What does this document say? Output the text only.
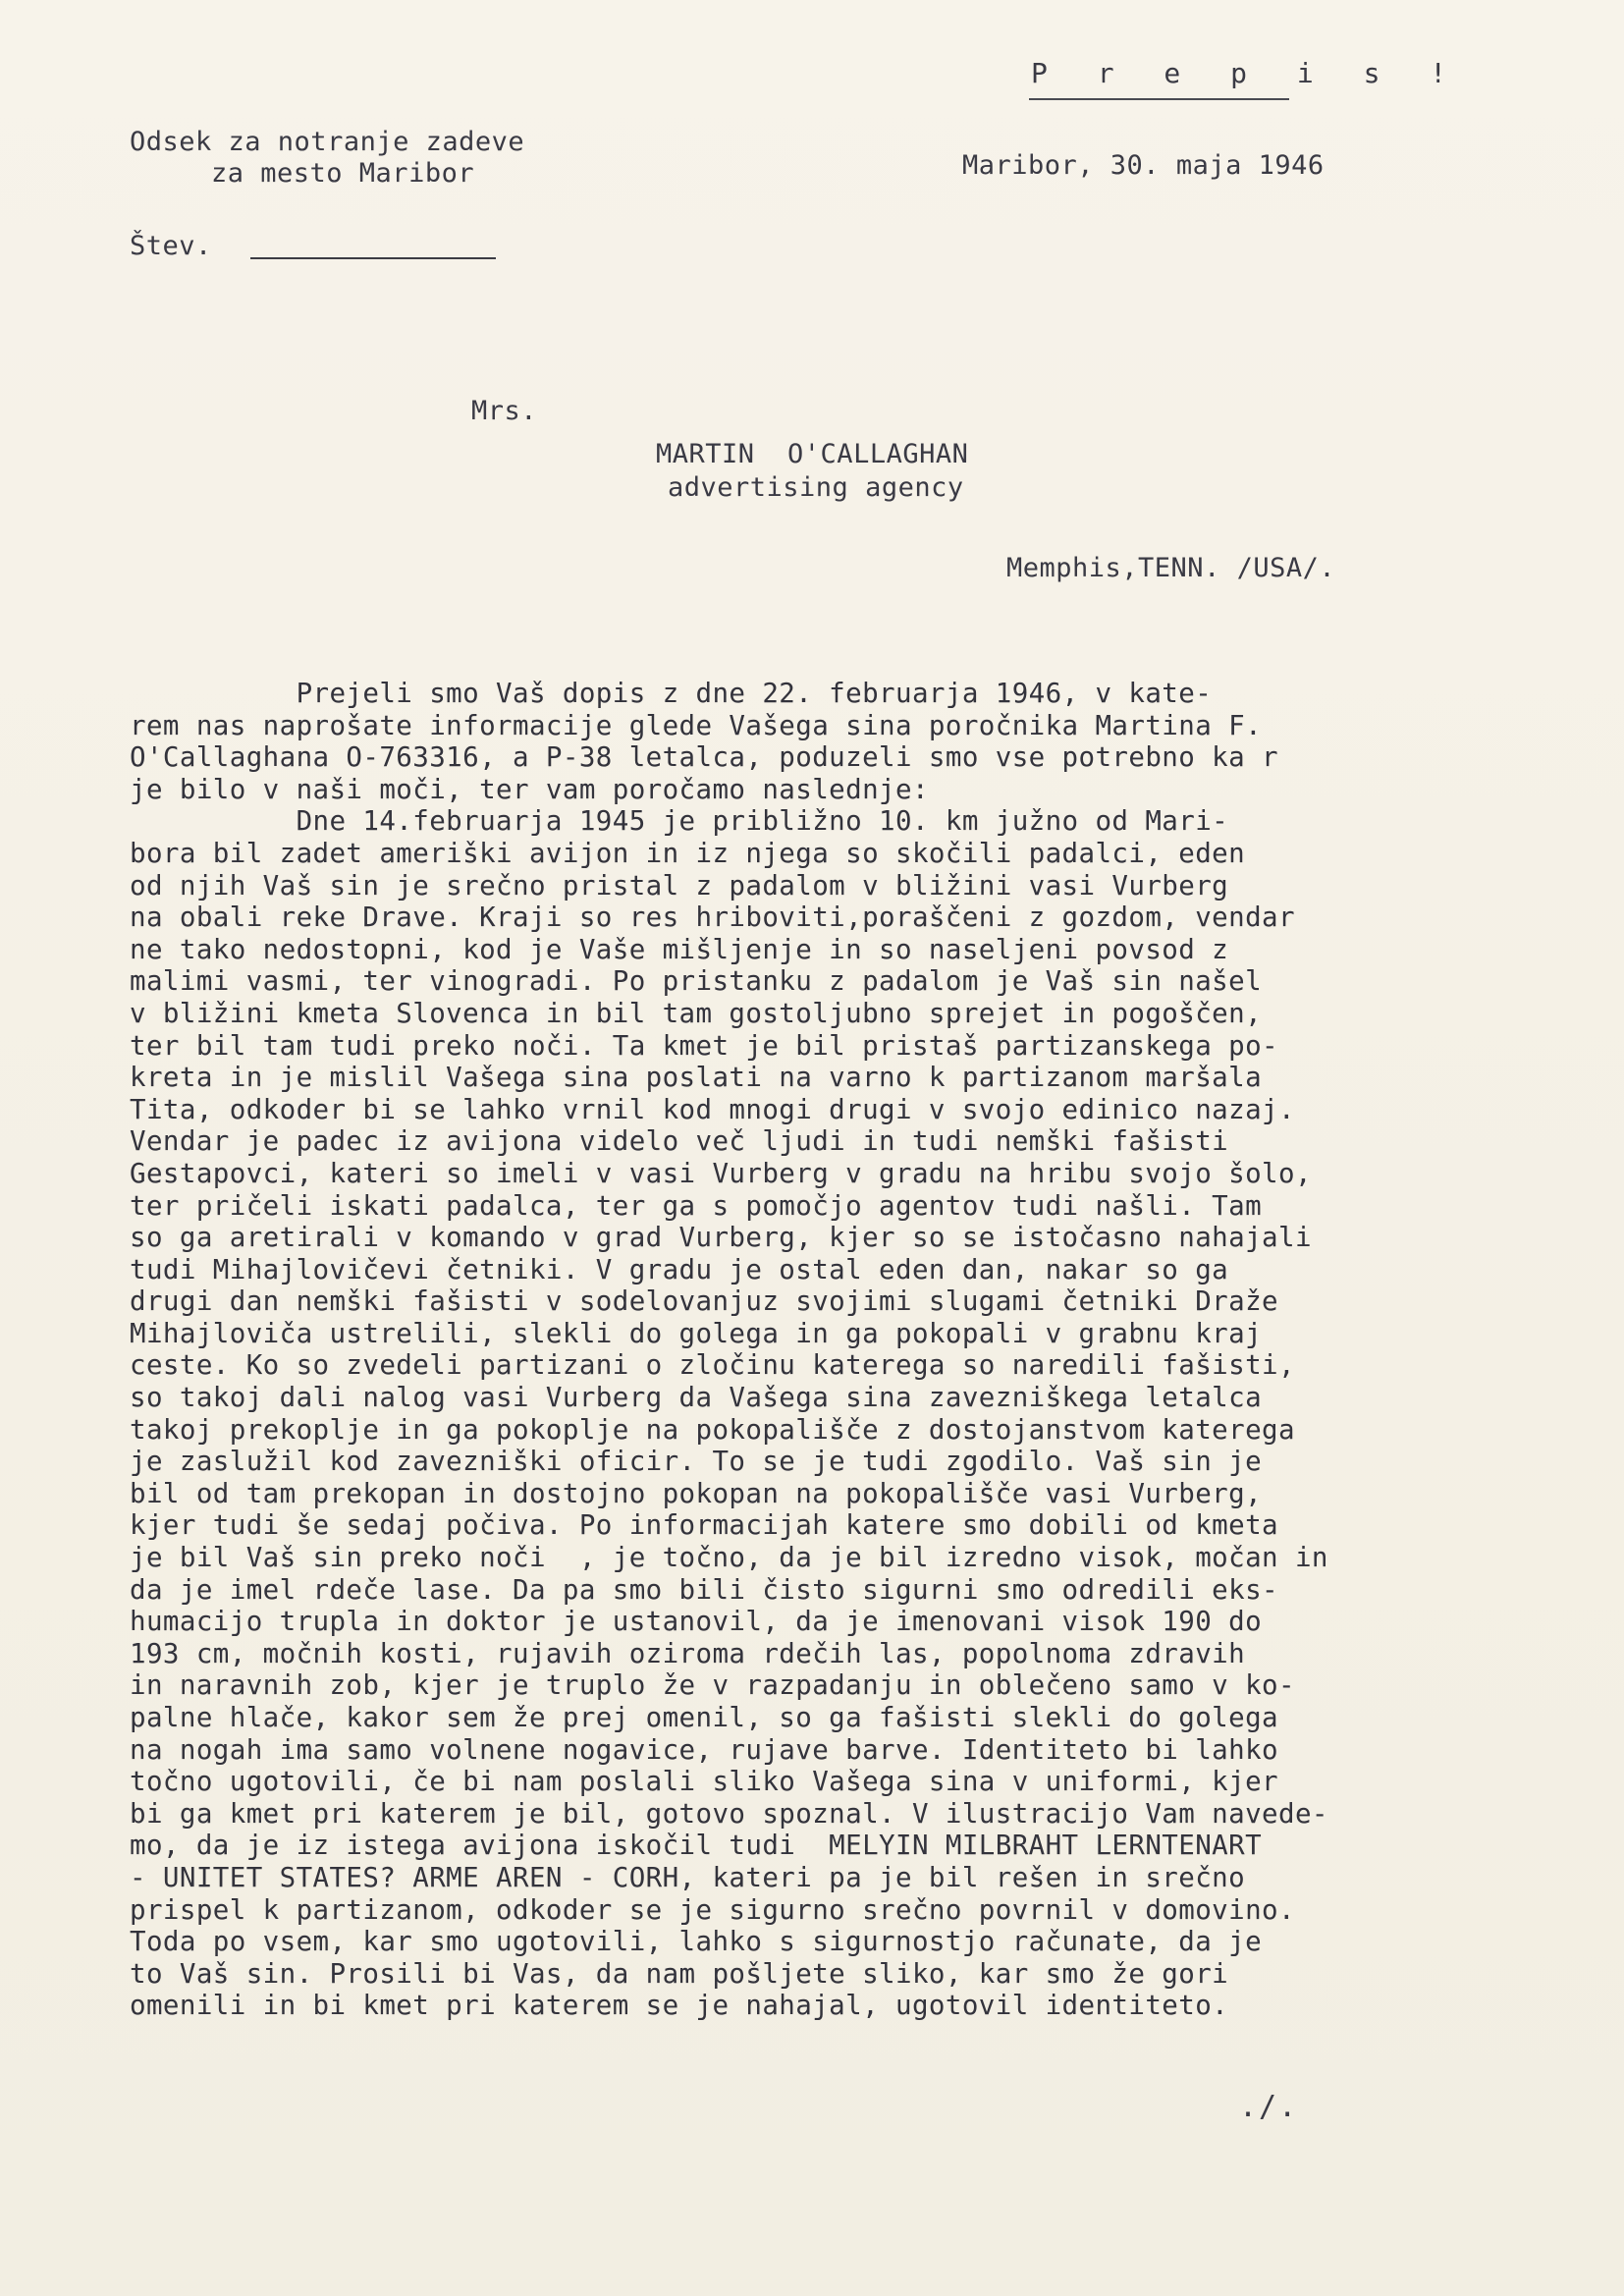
P r e p i s !
Odsek za notranje zadeve
za mesto Maribor	Maribor, 30. maja 1946
Štev.
Mrs.
MARTIN  O'CALLAGHAN
advertising agency
Memphis,TENN. /USA/.
Prejeli smo Vaš dopis z dne 22. februarja 1946, v kate-
rem nas naprošate informacije glede Vašega sina poročnika Martina F.
O'Callaghana O-763316, a P-38 letalca, poduzeli smo vse potrebno ka r
je bilo v naši moči, ter vam poročamo naslednje:
Dne 14.februarja 1945 je približno 10. km južno od Mari-
bora bil zadet ameriški avijon in iz njega so skočili padalci, eden
od njih Vaš sin je srečno pristal z padalom v bližini vasi Vurberg
na obali reke Drave. Kraji so res hriboviti,poraščeni z gozdom, vendar
ne tako nedostopni, kod je Vaše mišljenje in so naseljeni povsod z
malimi vasmi, ter vinogradi. Po pristanku z padalom je Vaš sin našel
v bližini kmeta Slovenca in bil tam gostoljubno sprejet in pogoščen,
ter bil tam tudi preko noči. Ta kmet je bil pristaš partizanskega po-
kreta in je mislil Vašega sina poslati na varno k partizanom maršala
Tita, odkoder bi se lahko vrnil kod mnogi drugi v svojo edinico nazaj.
Vendar je padec iz avijona videlo več ljudi in tudi nemški fašisti
Gestapovci, kateri so imeli v vasi Vurberg v gradu na hribu svojo šolo,
ter pričeli iskati padalca, ter ga s pomočjo agentov tudi našli. Tam
so ga aretirali v komando v grad Vurberg, kjer so se istočasno nahajali
tudi Mihajlovičevi četniki. V gradu je ostal eden dan, nakar so ga
drugi dan nemški fašisti v sodelovanjuz svojimi slugami četniki Draže
Mihajloviča ustrelili, slekli do golega in ga pokopali v grabnu kraj
ceste. Ko so zvedeli partizani o zločinu katerega so naredili fašisti,
so takoj dali nalog vasi Vurberg da Vašega sina zavezniškega letalca
takoj prekoplje in ga pokoplje na pokopališče z dostojanstvom katerega
je zaslužil kod zavezniški oficir. To se je tudi zgodilo. Vaš sin je
bil od tam prekopan in dostojno pokopan na pokopališče vasi Vurberg,
kjer tudi še sedaj počiva. Po informacijah katere smo dobili od kmeta
je bil Vaš sin preko noči  , je točno, da je bil izredno visok, močan in
da je imel rdeče lase. Da pa smo bili čisto sigurni smo odredili eks-
humacijo trupla in doktor je ustanovil, da je imenovani visok 190 do
193 cm, močnih kosti, rujavih oziroma rdečih las, popolnoma zdravih
in naravnih zob, kjer je truplo že v razpadanju in oblečeno samo v ko-
palne hlače, kakor sem že prej omenil, so ga fašisti slekli do golega
na nogah ima samo volnene nogavice, rujave barve. Identiteto bi lahko
točno ugotovili, če bi nam poslali sliko Vašega sina v uniformi, kjer
bi ga kmet pri katerem je bil, gotovo spoznal. V ilustracijo Vam navede-
mo, da je iz istega avijona iskočil tudi  MELYIN MILBRAHT LERNTENART
- UNITET STATES? ARME AREN - CORH, kateri pa je bil rešen in srečno
prispel k partizanom, odkoder se je sigurno srečno povrnil v domovino.
Toda po vsem, kar smo ugotovili, lahko s sigurnostjo računate, da je
to Vaš sin. Prosili bi Vas, da nam pošljete sliko, kar smo že gori
omenili in bi kmet pri katerem se je nahajal, ugotovil identiteto.
./.
